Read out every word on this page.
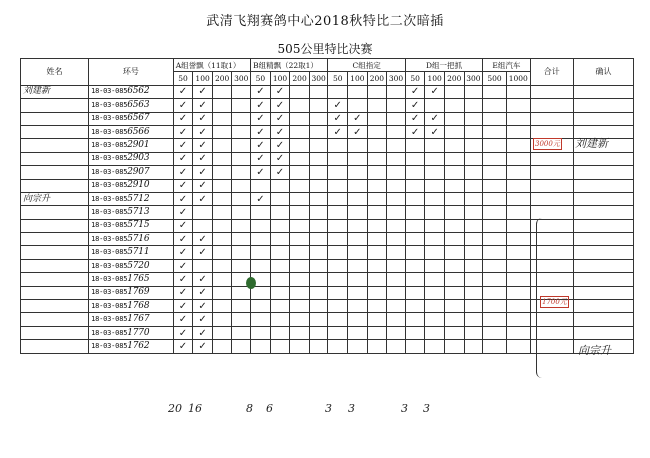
武清飞翔赛鸽中心2018秋特比二次暗插
505公里特比决赛
姓名	环号	A组誉飘（11取1）				B组精飘（22取1）				C组指定				D组一把抓				E组汽车		合计	确认
		50	100	200	300	50	100	200	300	50	100	200	300	50	100	200	300	500	1000		
刘建新	18-03-0856562	✓	✓			✓	✓							✓	✓						
	18-03-0856563	✓	✓			✓	✓			✓				✓							
	18-03-0856567	✓	✓			✓	✓			✓	✓			✓	✓						
	18-03-0856566	✓	✓			✓	✓			✓	✓			✓	✓						
	18-03-0852901	✓	✓			✓	✓														
	18-03-0852903	✓	✓			✓	✓														
	18-03-0852907	✓	✓			✓	✓														
	18-03-0852910	✓	✓																		
向宗升	18-03-0855712	✓	✓			✓															
	18-03-0855713	✓																			
	18-03-0855715	✓																			
	18-03-0855716	✓	✓																		
	18-03-0855711	✓	✓																		
	18-03-0855720	✓																			
	18-03-0851765	✓	✓																		
	18-03-0851769	✓	✓																		
	18-03-0851768	✓	✓																		
	18-03-0851767	✓	✓																		
	18-03-0851770	✓	✓																		
	18-03-0851762	✓	✓																		
3000元 刘建新
1700元
向宗升
20 16	8 6	3 3	3 3
